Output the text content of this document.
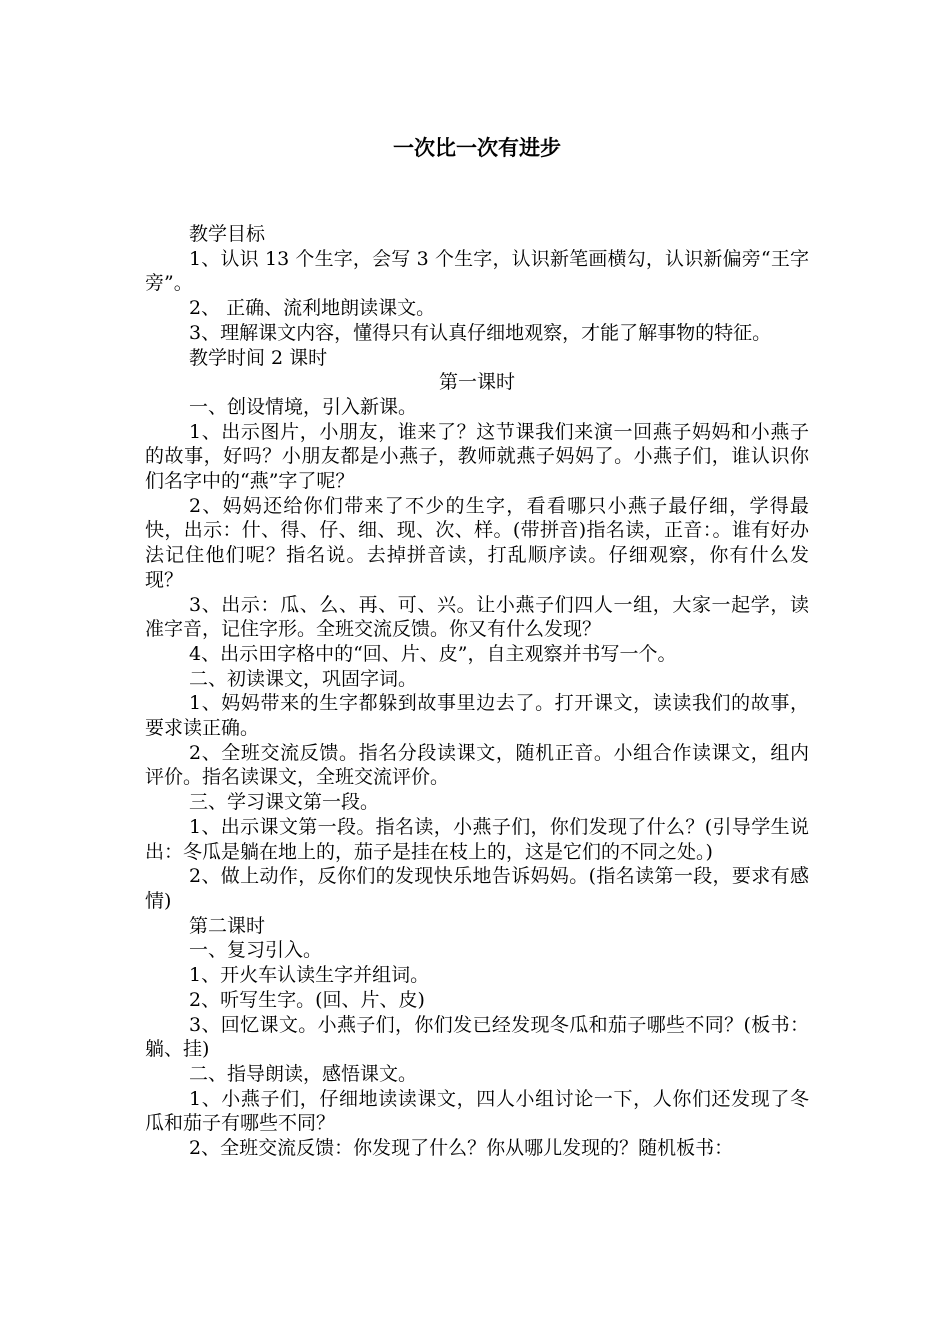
一次比一次有进步

教学目标

1、认识 13 个生字，会写 3 个生字，认识新笔画横勾，认识新偏旁“王字旁”。

2、 正确、流利地朗读课文。

3、理解课文内容，懂得只有认真仔细地观察，才能了解事物的特征。

教学时间 2 课时

第一课时

一、创设情境，引入新课。

1、出示图片，小朋友，谁来了？这节课我们来演一回燕子妈妈和小燕子的故事，好吗？小朋友都是小燕子，教师就燕子妈妈了。小燕子们，谁认识你们名字中的“燕”字了呢？

2、妈妈还给你们带来了不少的生字，看看哪只小燕子最仔细，学得最快，出示：什、得、仔、细、现、次、样。(带拼音)指名读，正音：。谁有好办法记住他们呢？指名说。去掉拼音读，打乱顺序读。仔细观察，你有什么发现？

3、出示：瓜、么、再、可、兴。让小燕子们四人一组，大家一起学，读准字音，记住字形。全班交流反馈。你又有什么发现？

4、出示田字格中的“回、片、皮”，自主观察并书写一个。

二、初读课文，巩固字词。

1、妈妈带来的生字都躲到故事里边去了。打开课文，读读我们的故事，要求读正确。

2、全班交流反馈。指名分段读课文，随机正音。小组合作读课文，组内评价。指名读课文，全班交流评价。

三、学习课文第一段。

1、出示课文第一段。指名读，小燕子们，你们发现了什么？(引导学生说出：冬瓜是躺在地上的，茄子是挂在枝上的，这是它们的不同之处。)

2、做上动作，反你们的发现快乐地告诉妈妈。(指名读第一段，要求有感情)

第二课时

一、复习引入。

1、开火车认读生字并组词。

2、听写生字。(回、片、皮)

3、回忆课文。小燕子们，你们发已经发现冬瓜和茄子哪些不同？(板书：躺、挂)

二、指导朗读，感悟课文。

1、小燕子们，仔细地读读课文，四人小组讨论一下，人你们还发现了冬瓜和茄子有哪些不同？

2、全班交流反馈：你发现了什么？你从哪儿发现的？随机板书：
